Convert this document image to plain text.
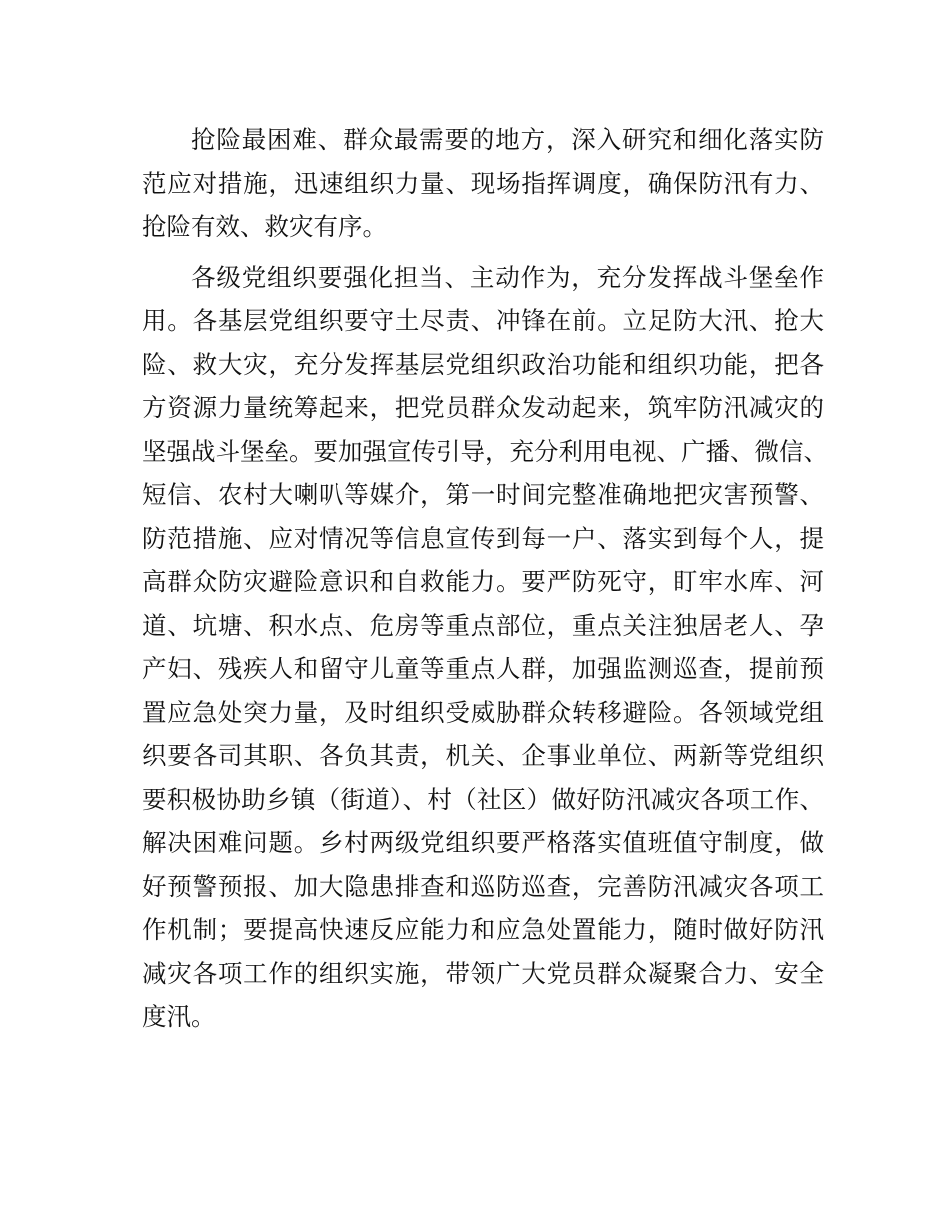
抢险最困难、群众最需要的地方，深入研究和细化落实防
范应对措施，迅速组织力量、现场指挥调度，确保防汛有力、
抢险有效、救灾有序。

各级党组织要强化担当、主动作为，充分发挥战斗堡垒作
用。各基层党组织要守土尽责、冲锋在前。立足防大汛、抢大
险、救大灾，充分发挥基层党组织政治功能和组织功能，把各
方资源力量统筹起来，把党员群众发动起来，筑牢防汛减灾的
坚强战斗堡垒。要加强宣传引导，充分利用电视、广播、微信、
短信、农村大喇叭等媒介，第一时间完整准确地把灾害预警、
防范措施、应对情况等信息宣传到每一户、落实到每个人，提
高群众防灾避险意识和自救能力。要严防死守，盯牢水库、河
道、坑塘、积水点、危房等重点部位，重点关注独居老人、孕
产妇、残疾人和留守儿童等重点人群，加强监测巡查，提前预
置应急处突力量，及时组织受威胁群众转移避险。各领域党组
织要各司其职、各负其责，机关、企事业单位、两新等党组织
要积极协助乡镇（街道）、村（社区）做好防汛减灾各项工作、
解决困难问题。乡村两级党组织要严格落实值班值守制度，做
好预警预报、加大隐患排查和巡防巡查，完善防汛减灾各项工
作机制；要提高快速反应能力和应急处置能力，随时做好防汛
减灾各项工作的组织实施，带领广大党员群众凝聚合力、安全
度汛。
